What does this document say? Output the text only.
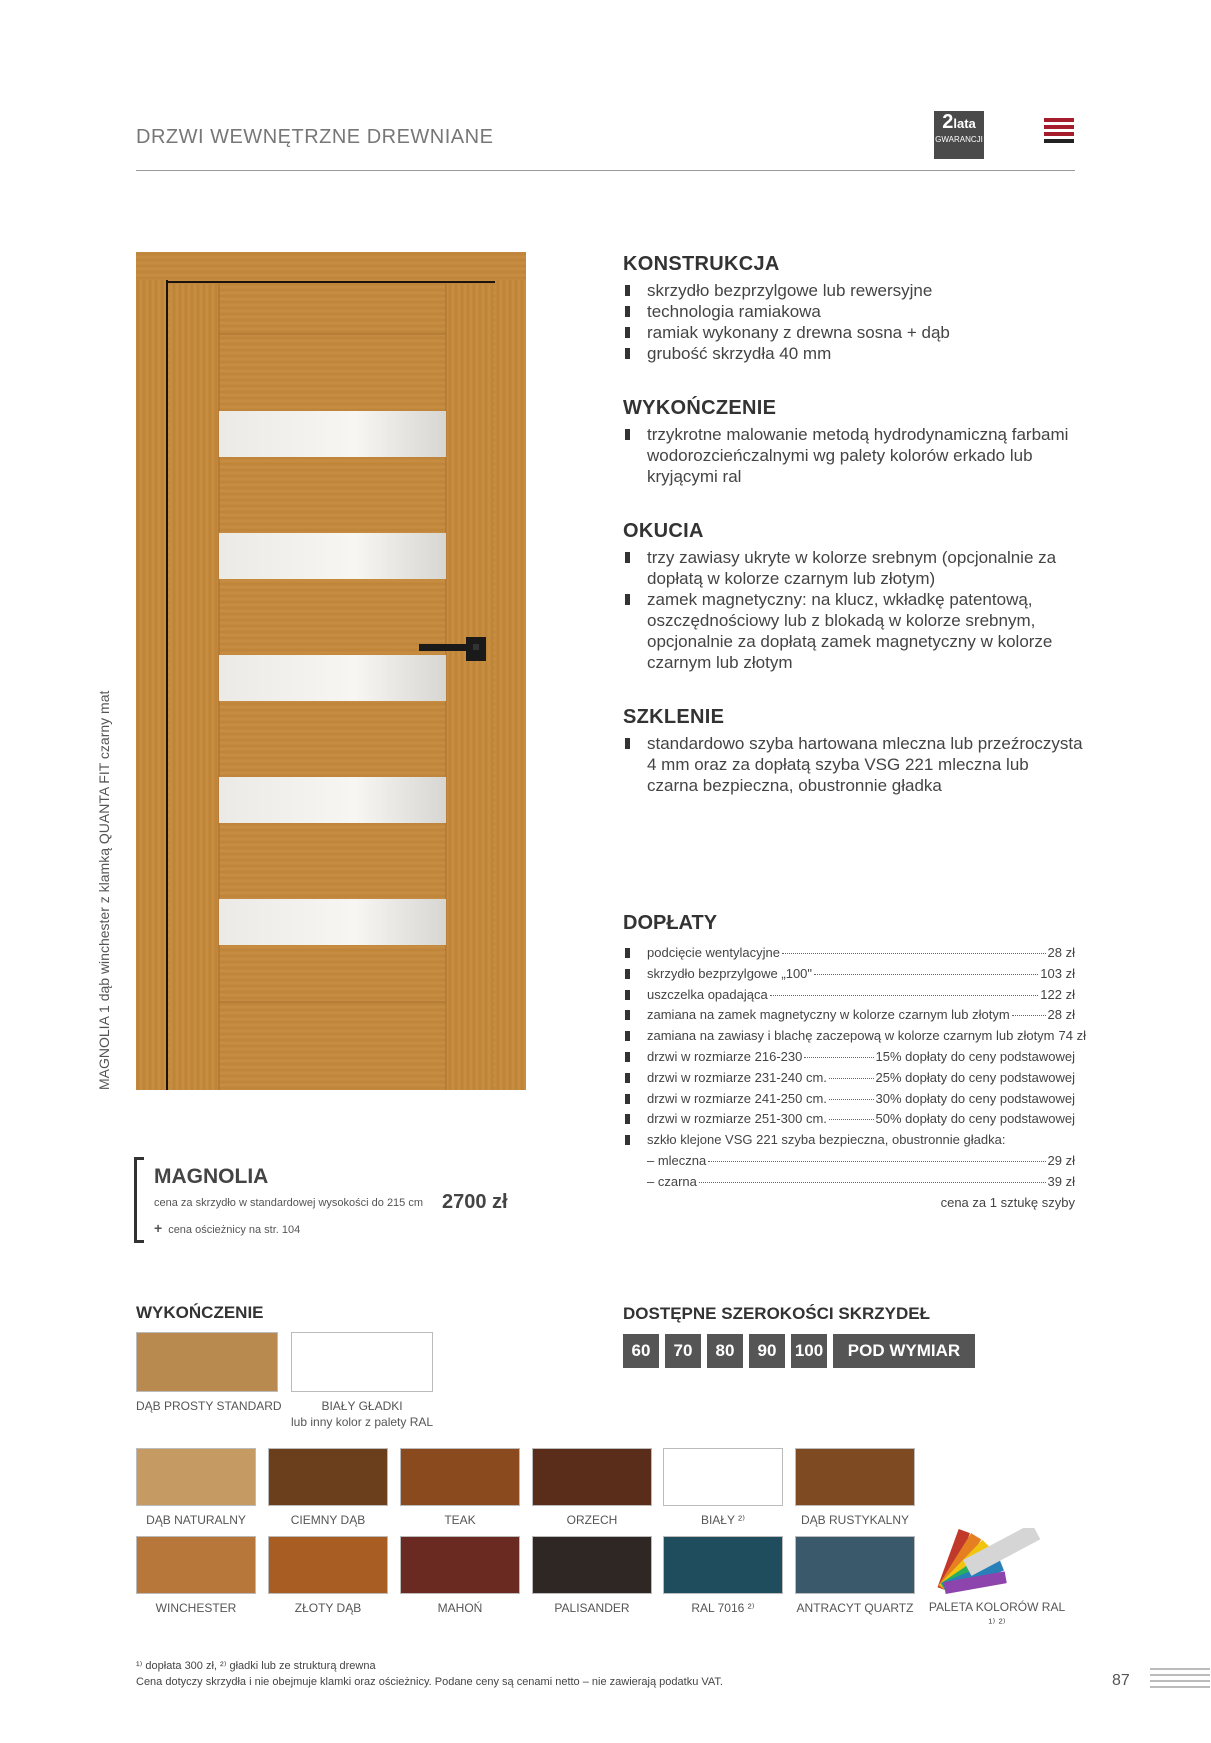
DRZWI WEWNĘTRZNE DREWNIANE
2lata
GWARANCJI
MAGNOLIA 1 dąb winchester z klamką QUANTA FIT czarny mat
KONSTRUKCJA
skrzydło bezprzylgowe lub rewersyjne
technologia ramiakowa
ramiak wykonany z drewna sosna + dąb
grubość skrzydła 40 mm
WYKOŃCZENIE
trzykrotne malowanie metodą hydrodynamiczną farbami wodorozcieńczalnymi wg palety kolorów erkado lub kryjącymi ral
OKUCIA
trzy zawiasy ukryte w kolorze srebnym (opcjonalnie za dopłatą w kolorze czarnym lub złotym)
zamek magnetyczny: na klucz, wkładkę patentową, oszczędnościowy lub z blokadą w kolorze srebnym, opcjonalnie za dopłatą zamek magnetyczny w kolorze czarnym lub złotym
SZKLENIE
standardowo szyba hartowana mleczna lub przeźroczysta 4 mm oraz za dopłatą szyba VSG 221 mleczna lub czarna bezpieczna, obustronnie gładka
DOPŁATY
podcięcie wentylacyjne	28 zł
skrzydło bezprzylgowe „100"	103 zł
uszczelka opadająca	122 zł
zamiana na zamek magnetyczny w kolorze czarnym lub złotym	28 zł
zamiana na zawiasy i blachę zaczepową w kolorze czarnym lub złotym 74 zł
drzwi w rozmiarze 216-230	15% dopłaty do ceny podstawowej
drzwi w rozmiarze 231-240 cm.	25% dopłaty do ceny podstawowej
drzwi w rozmiarze 241-250 cm.	30% dopłaty do ceny podstawowej
drzwi w rozmiarze 251-300 cm.	50% dopłaty do ceny podstawowej
szkło klejone VSG 221 szyba bezpieczna, obustronnie gładka:
– mleczna	29 zł
– czarna	39 zł
cena za 1 sztukę szyby
MAGNOLIA
cena za skrzydło w standardowej wysokości do 215 cm 2700 zł
+ cena ościeżnicy na str. 104
WYKOŃCZENIE	DOSTĘPNE SZEROKOŚCI SKRZYDEŁ
60	70	80	90	100	POD WYMIAR
DĄB PROSTY STANDARD	BIAŁY GŁADKI
lub inny kolor z palety RAL
DĄB NATURALNY	CIEMNY DĄB	TEAK	ORZECH	BIAŁY ²⁾	DĄB RUSTYKALNY
WINCHESTER	ZŁOTY DĄB	MAHOŃ	PALISANDER	RAL 7016 ²⁾	ANTRACYT QUARTZ
RAL
PALETA KOLORÓW RAL ¹⁾ ²⁾
¹⁾ dopłata 300 zł, ²⁾ gładki lub ze strukturą drewna
Cena dotyczy skrzydła i nie obejmuje klamki oraz ościeżnicy. Podane ceny są cenami netto – nie zawierają podatku VAT.	87
